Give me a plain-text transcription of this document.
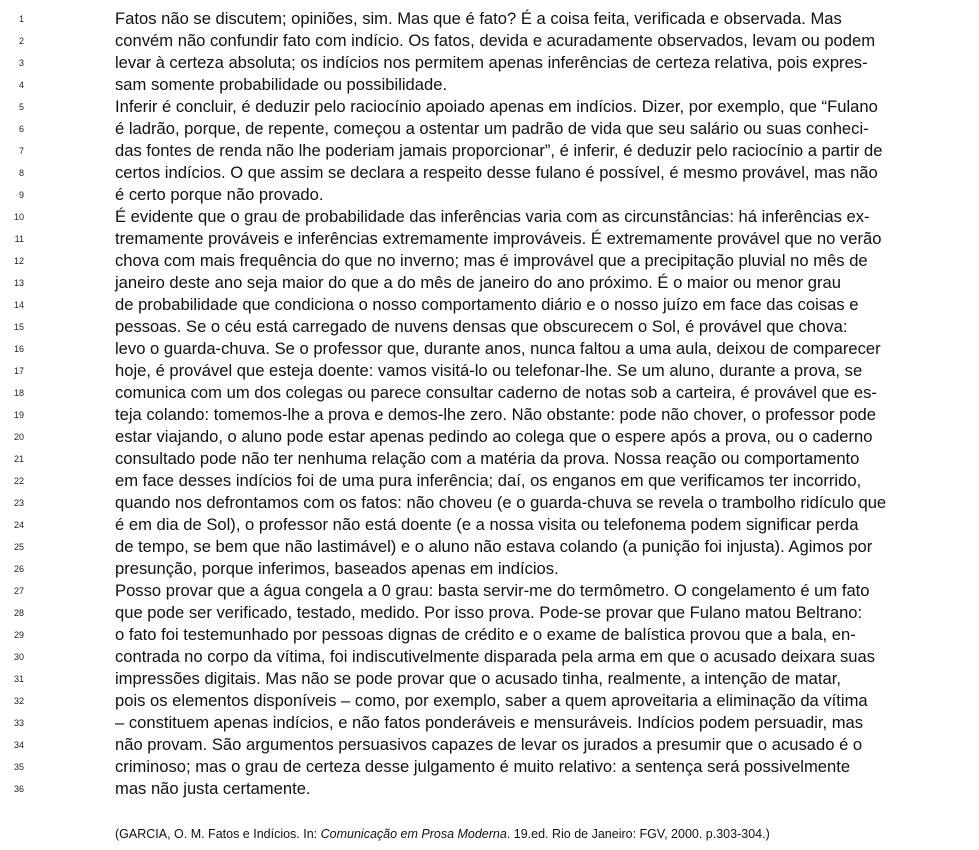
1	Fatos não se discutem; opiniões, sim. Mas que é fato? É a coisa feita, verificada e observada. Mas
2	convém não confundir fato com indício. Os fatos, devida e acuradamente observados, levam ou podem
3	levar à certeza absoluta; os indícios nos permitem apenas inferências de certeza relativa, pois expres-
4	sam somente probabilidade ou possibilidade.
5	Inferir é concluir, é deduzir pelo raciocínio apoiado apenas em indícios. Dizer, por exemplo, que “Fulano
6	é ladrão, porque, de repente, começou a ostentar um padrão de vida que seu salário ou suas conheci-
7	das fontes de renda não lhe poderiam jamais proporcionar”, é inferir, é deduzir pelo raciocínio a partir de
8	certos indícios. O que assim se declara a respeito desse fulano é possível, é mesmo provável, mas não
9	é certo porque não provado.
10	É evidente que o grau de probabilidade das inferências varia com as circunstâncias: há inferências ex-
11	tremamente prováveis e inferências extremamente improváveis. É extremamente provável que no verão
12	chova com mais frequência do que no inverno; mas é improvável que a precipitação pluvial no mês de
13	janeiro deste ano seja maior do que a do mês de janeiro do ano próximo. É o maior ou menor grau
14	de probabilidade que condiciona o nosso comportamento diário e o nosso juízo em face das coisas e
15	pessoas. Se o céu está carregado de nuvens densas que obscurecem o Sol, é provável que chova:
16	levo o guarda-chuva. Se o professor que, durante anos, nunca faltou a uma aula, deixou de comparecer
17	hoje, é provável que esteja doente: vamos visitá-lo ou telefonar-lhe. Se um aluno, durante a prova, se
18	comunica com um dos colegas ou parece consultar caderno de notas sob a carteira, é provável que es-
19	teja colando: tomemos-lhe a prova e demos-lhe zero. Não obstante: pode não chover, o professor pode
20	estar viajando, o aluno pode estar apenas pedindo ao colega que o espere após a prova, ou o caderno
21	consultado pode não ter nenhuma relação com a matéria da prova. Nossa reação ou comportamento
22	em face desses indícios foi de uma pura inferência; daí, os enganos em que verificamos ter incorrido,
23	quando nos defrontamos com os fatos: não choveu (e o guarda-chuva se revela o trambolho ridículo que
24	é em dia de Sol), o professor não está doente (e a nossa visita ou telefonema podem significar perda
25	de tempo, se bem que não lastimável) e o aluno não estava colando (a punição foi injusta). Agimos por
26	presunção, porque inferimos, baseados apenas em indícios.
27	Posso provar que a água congela a 0 grau: basta servir-me do termômetro. O congelamento é um fato
28	que pode ser verificado, testado, medido. Por isso prova. Pode-se provar que Fulano matou Beltrano:
29	o fato foi testemunhado por pessoas dignas de crédito e o exame de balística provou que a bala, en-
30	contrada no corpo da vítima, foi indiscutivelmente disparada pela arma em que o acusado deixara suas
31	impressões digitais. Mas não se pode provar que o acusado tinha, realmente, a intenção de matar,
32	pois os elementos disponíveis – como, por exemplo, saber a quem aproveitaria a eliminação da vítima
33	– constituem apenas indícios, e não fatos ponderáveis e mensuráveis. Indícios podem persuadir, mas
34	não provam. São argumentos persuasivos capazes de levar os jurados a presumir que o acusado é o
35	criminoso; mas o grau de certeza desse julgamento é muito relativo: a sentença será possivelmente
36	mas não justa certamente.
(GARCIA, O. M. Fatos e Indícios. In: Comunicação em Prosa Moderna. 19.ed. Rio de Janeiro: FGV, 2000. p.303-304.)
